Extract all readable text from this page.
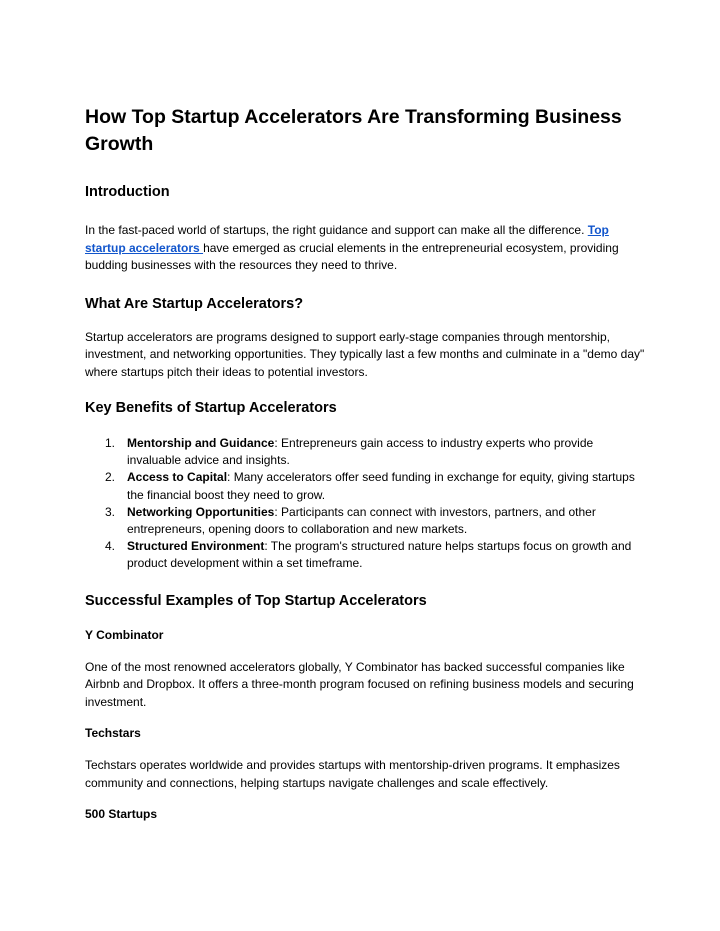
How Top Startup Accelerators Are Transforming Business Growth
Introduction

In the fast-paced world of startups, the right guidance and support can make all the difference. Top startup accelerators have emerged as crucial elements in the entrepreneurial ecosystem, providing budding businesses with the resources they need to thrive.

What Are Startup Accelerators?

Startup accelerators are programs designed to support early-stage companies through mentorship, investment, and networking opportunities. They typically last a few months and culminate in a "demo day" where startups pitch their ideas to potential investors.

Key Benefits of Startup Accelerators
1. Mentorship and Guidance: Entrepreneurs gain access to industry experts who provide invaluable advice and insights.
2. Access to Capital: Many accelerators offer seed funding in exchange for equity, giving startups the financial boost they need to grow.
3. Networking Opportunities: Participants can connect with investors, partners, and other entrepreneurs, opening doors to collaboration and new markets.
4. Structured Environment: The program's structured nature helps startups focus on growth and product development within a set timeframe.
Successful Examples of Top Startup Accelerators
Y Combinator

One of the most renowned accelerators globally, Y Combinator has backed successful companies like Airbnb and Dropbox. It offers a three-month program focused on refining business models and securing investment.

Techstars

Techstars operates worldwide and provides startups with mentorship-driven programs. It emphasizes community and connections, helping startups navigate challenges and scale effectively.

500 Startups
